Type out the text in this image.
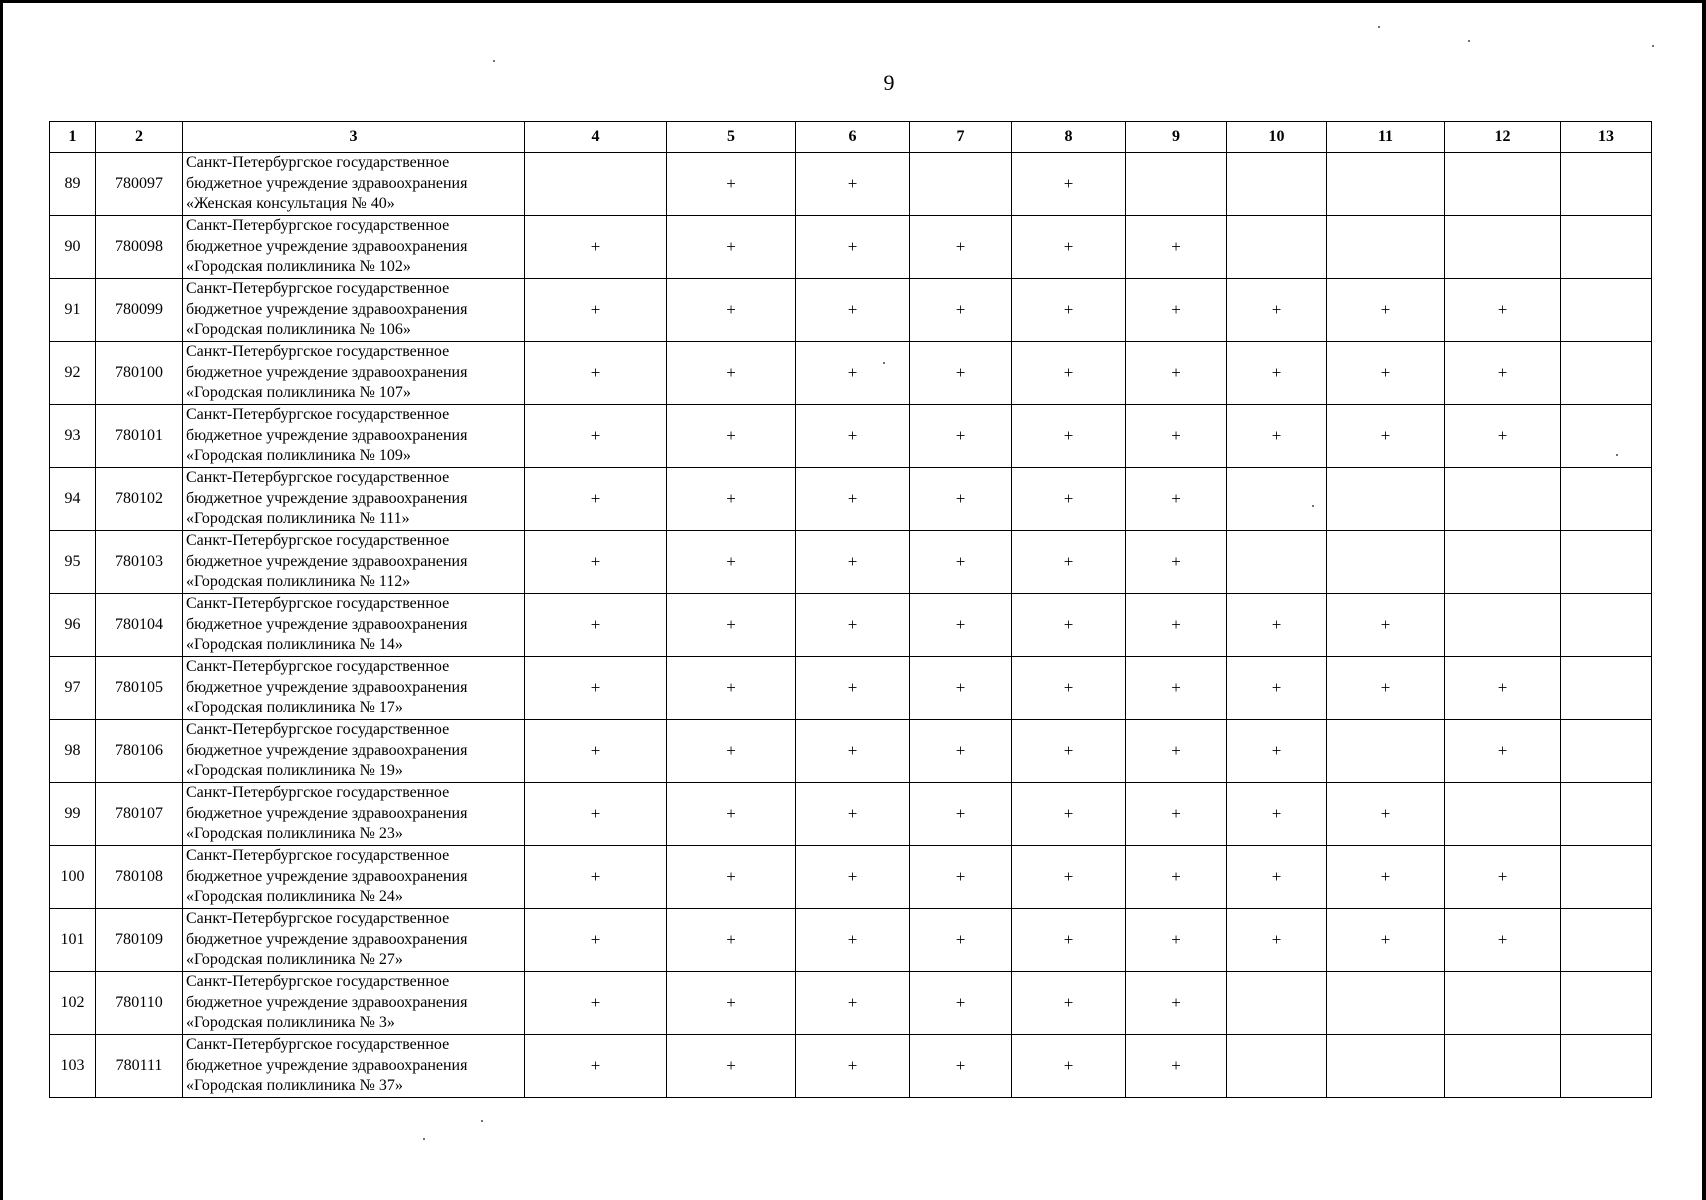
9
1	2	3	4	5	6	7	8	9	10	11	12	13
89	780097	Санкт-Петербургское государственное
бюджетное учреждение здравоохранения
«Женская консультация № 40»		+	+		+					
90	780098	Санкт-Петербургское государственное
бюджетное учреждение здравоохранения
«Городская поликлиника № 102»	+	+	+	+	+	+				
91	780099	Санкт-Петербургское государственное
бюджетное учреждение здравоохранения
«Городская поликлиника № 106»	+	+	+	+	+	+	+	+	+	
92	780100	Санкт-Петербургское государственное
бюджетное учреждение здравоохранения
«Городская поликлиника № 107»	+	+	+	+	+	+	+	+	+	
93	780101	Санкт-Петербургское государственное
бюджетное учреждение здравоохранения
«Городская поликлиника № 109»	+	+	+	+	+	+	+	+	+	
94	780102	Санкт-Петербургское государственное
бюджетное учреждение здравоохранения
«Городская поликлиника № 111»	+	+	+	+	+	+				
95	780103	Санкт-Петербургское государственное
бюджетное учреждение здравоохранения
«Городская поликлиника № 112»	+	+	+	+	+	+				
96	780104	Санкт-Петербургское государственное
бюджетное учреждение здравоохранения
«Городская поликлиника № 14»	+	+	+	+	+	+	+	+		
97	780105	Санкт-Петербургское государственное
бюджетное учреждение здравоохранения
«Городская поликлиника № 17»	+	+	+	+	+	+	+	+	+	
98	780106	Санкт-Петербургское государственное
бюджетное учреждение здравоохранения
«Городская поликлиника № 19»	+	+	+	+	+	+	+		+	
99	780107	Санкт-Петербургское государственное
бюджетное учреждение здравоохранения
«Городская поликлиника № 23»	+	+	+	+	+	+	+	+		
100	780108	Санкт-Петербургское государственное
бюджетное учреждение здравоохранения
«Городская поликлиника № 24»	+	+	+	+	+	+	+	+	+	
101	780109	Санкт-Петербургское государственное
бюджетное учреждение здравоохранения
«Городская поликлиника № 27»	+	+	+	+	+	+	+	+	+	
102	780110	Санкт-Петербургское государственное
бюджетное учреждение здравоохранения
«Городская поликлиника № 3»	+	+	+	+	+	+				
103	780111	Санкт-Петербургское государственное
бюджетное учреждение здравоохранения
«Городская поликлиника № 37»	+	+	+	+	+	+				
